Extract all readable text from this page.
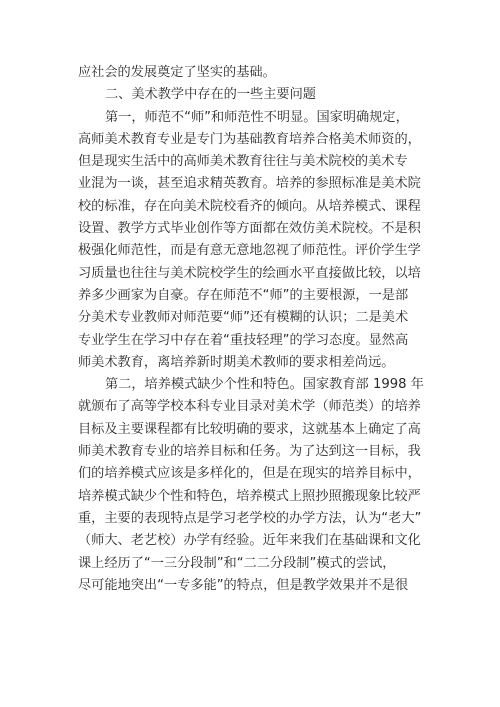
应社会的发展奠定了坚实的基础。
二、美术教学中存在的一些主要问题
第一，师范不“师”和师范性不明显。国家明确规定，
高师美术教育专业是专门为基础教育培养合格美术师资的，
但是现实生活中的高师美术教育往往与美术院校的美术专
业混为一谈，甚至追求精英教育。培养的参照标准是美术院
校的标准，存在向美术院校看齐的倾向。从培养模式、课程
设置、教学方式毕业创作等方面都在效仿美术院校。不是积
极强化师范性，而是有意无意地忽视了师范性。评价学生学
习质量也往往与美术院校学生的绘画水平直接做比较，以培
养多少画家为自豪。存在师范不“师”的主要根源，一是部
分美术专业教师对师范要“师”还有模糊的认识；二是美术
专业学生在学习中存在着“重技轻理”的学习态度。显然高
师美术教育，离培养新时期美术教师的要求相差尚远。
第二，培养模式缺少个性和特色。国家教育部 1998 年
就颁布了高等学校本科专业目录对美术学（师范类）的培养
目标及主要课程都有比较明确的要求，这就基本上确定了高
师美术教育专业的培养目标和任务。为了达到这一目标，我
们的培养模式应该是多样化的，但是在现实的培养目标中，
培养模式缺少个性和特色，培养模式上照抄照搬现象比较严
重，主要的表现特点是学习老学校的办学方法，认为“老大”
（师大、老艺校）办学有经验。近年来我们在基础课和文化
课上经历了“一三分段制”和“二二分段制”模式的尝试，
尽可能地突出“一专多能”的特点，但是教学效果并不是很
